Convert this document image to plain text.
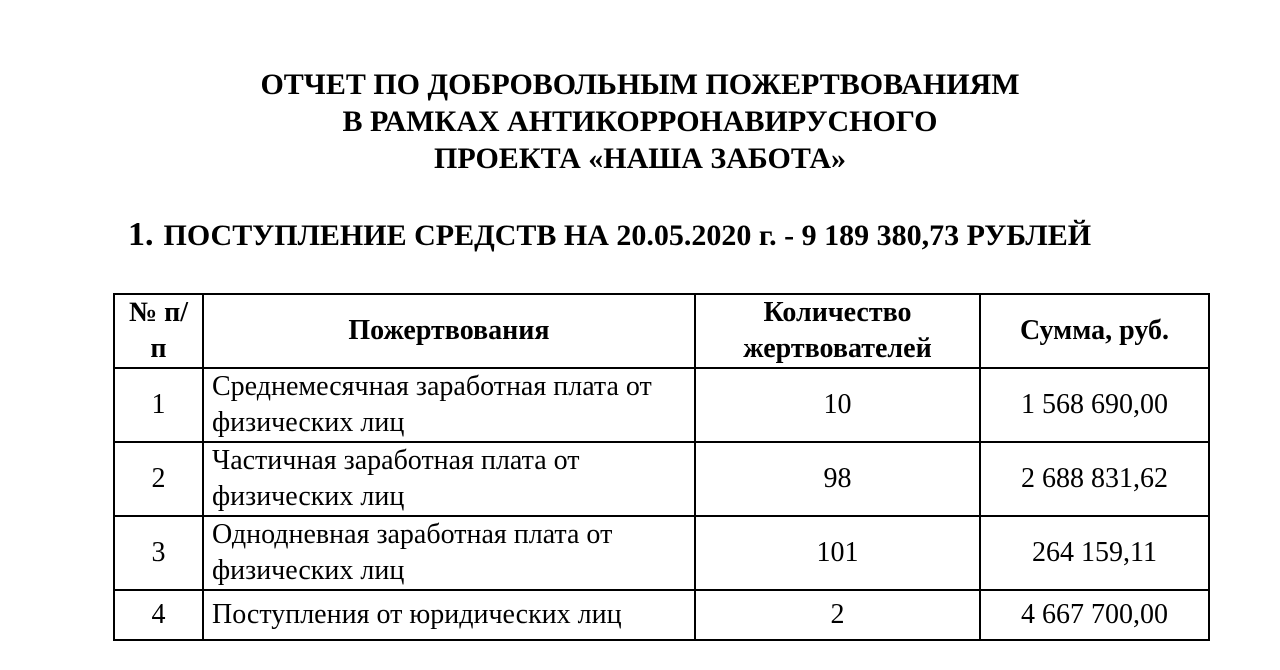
ОТЧЕТ ПО ДОБРОВОЛЬНЫМ ПОЖЕРТВОВАНИЯМ
В РАМКАХ АНТИКОРРОНАВИРУСНОГО
ПРОЕКТА «НАША ЗАБОТА»
1. ПОСТУПЛЕНИЕ СРЕДСТВ НА 20.05.2020 г. - 9 189 380,73 РУБЛЕЙ
№ п/п	Пожертвования	Количество жертвователей	Сумма, руб.
1	Среднемесячная заработная плата от физических лиц	10	1 568 690,00
2	Частичная заработная плата от физических лиц	98	2 688 831,62
3	Однодневная заработная плата от физических лиц	101	264 159,11
4	Поступления от юридических лиц	2	4 667 700,00
